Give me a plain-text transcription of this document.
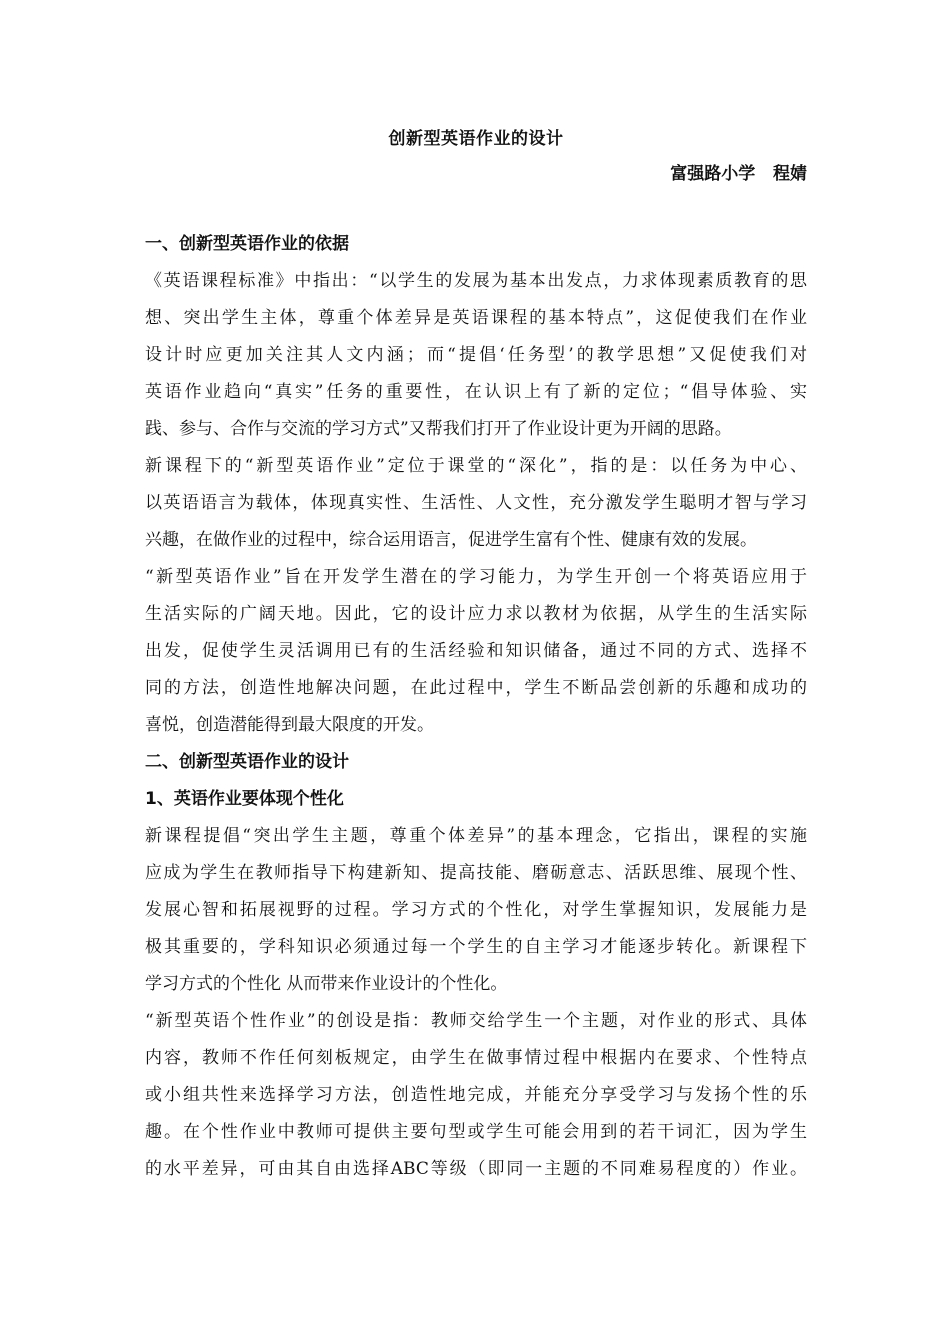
创新型英语作业的设计
富强路小学   程婧
一、创新型英语作业的依据
《英语课程标准》中指出：“以学生的发展为基本出发点，力求体现素质教育的思
想、突出学生主体，尊重个体差异是英语课程的基本特点”，这促使我们在作业
设计时应更加关注其人文内涵；而“提倡‘任务型’的教学思想”又促使我们对
英语作业趋向“真实”任务的重要性，在认识上有了新的定位；“倡导体验、实
践、参与、合作与交流的学习方式”又帮我们打开了作业设计更为开阔的思路。
新课程下的“新型英语作业”定位于课堂的“深化”，指的是：以任务为中心、
以英语语言为载体，体现真实性、生活性、人文性，充分激发学生聪明才智与学习
兴趣，在做作业的过程中，综合运用语言，促进学生富有个性、健康有效的发展。
“新型英语作业”旨在开发学生潜在的学习能力，为学生开创一个将英语应用于
生活实际的广阔天地。因此，它的设计应力求以教材为依据，从学生的生活实际
出发，促使学生灵活调用已有的生活经验和知识储备，通过不同的方式、选择不
同的方法，创造性地解决问题，在此过程中，学生不断品尝创新的乐趣和成功的
喜悦，创造潜能得到最大限度的开发。
二、创新型英语作业的设计
1、英语作业要体现个性化
新课程提倡“突出学生主题，尊重个体差异”的基本理念，它指出，课程的实施
应成为学生在教师指导下构建新知、提高技能、磨砺意志、活跃思维、展现个性、
发展心智和拓展视野的过程。学习方式的个性化，对学生掌握知识，发展能力是
极其重要的，学科知识必须通过每一个学生的自主学习才能逐步转化。新课程下
学习方式的个性化 从而带来作业设计的个性化。
“新型英语个性作业”的创设是指：教师交给学生一个主题，对作业的形式、具体
内容，教师不作任何刻板规定，由学生在做事情过程中根据内在要求、个性特点
或小组共性来选择学习方法，创造性地完成，并能充分享受学习与发扬个性的乐
趣。在个性作业中教师可提供主要句型或学生可能会用到的若干词汇，因为学生
的水平差异，可由其自由选择ABC等级（即同一主题的不同难易程度的）作业。
